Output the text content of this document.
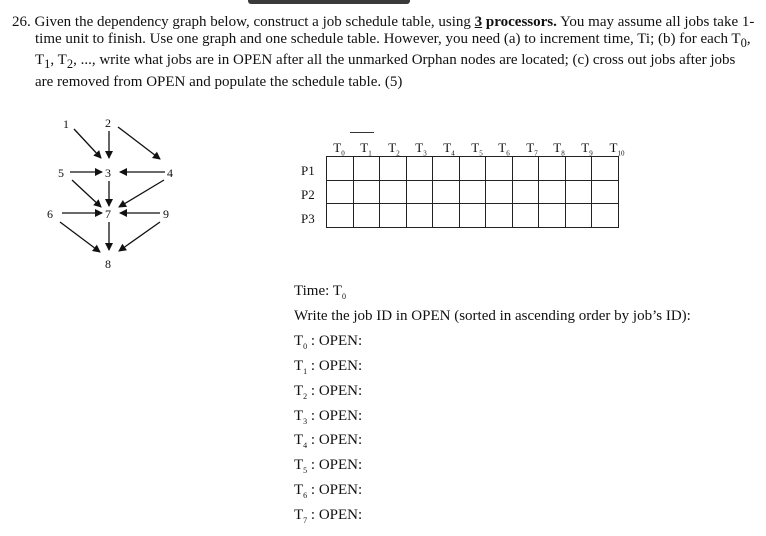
26. Given the dependency graph below, construct a job schedule table, using 3 processors. You may assume all jobs take 1-time unit to finish. Use one graph and one schedule table. However, you need (a) to increment time, Ti; (b) for each $T_0$, $T_1$, $T_2$, ..., write what jobs are in OPEN after all the unmarked Orphan nodes are located; (c) cross out jobs after jobs are removed from OPEN and populate the schedule table. (5)
1	2
3	4
5
6	7
8
9
$T_0$	$T_1$	$T_2$	$T_3$	$T_4$	$T_5$	$T_6$	$T_7$	$T_8$	$T_9$	$T_{10}$
P1
P2
P3

Time: $T_0$
Write the job ID in OPEN (sorted in ascending order by job’s ID):
$T_0$ : OPEN:
$T_1$ : OPEN:
$T_2$ : OPEN:
$T_3$ : OPEN:
$T_4$ : OPEN:
$T_5$ : OPEN:
$T_6$ : OPEN:
$T_7$ : OPEN:
